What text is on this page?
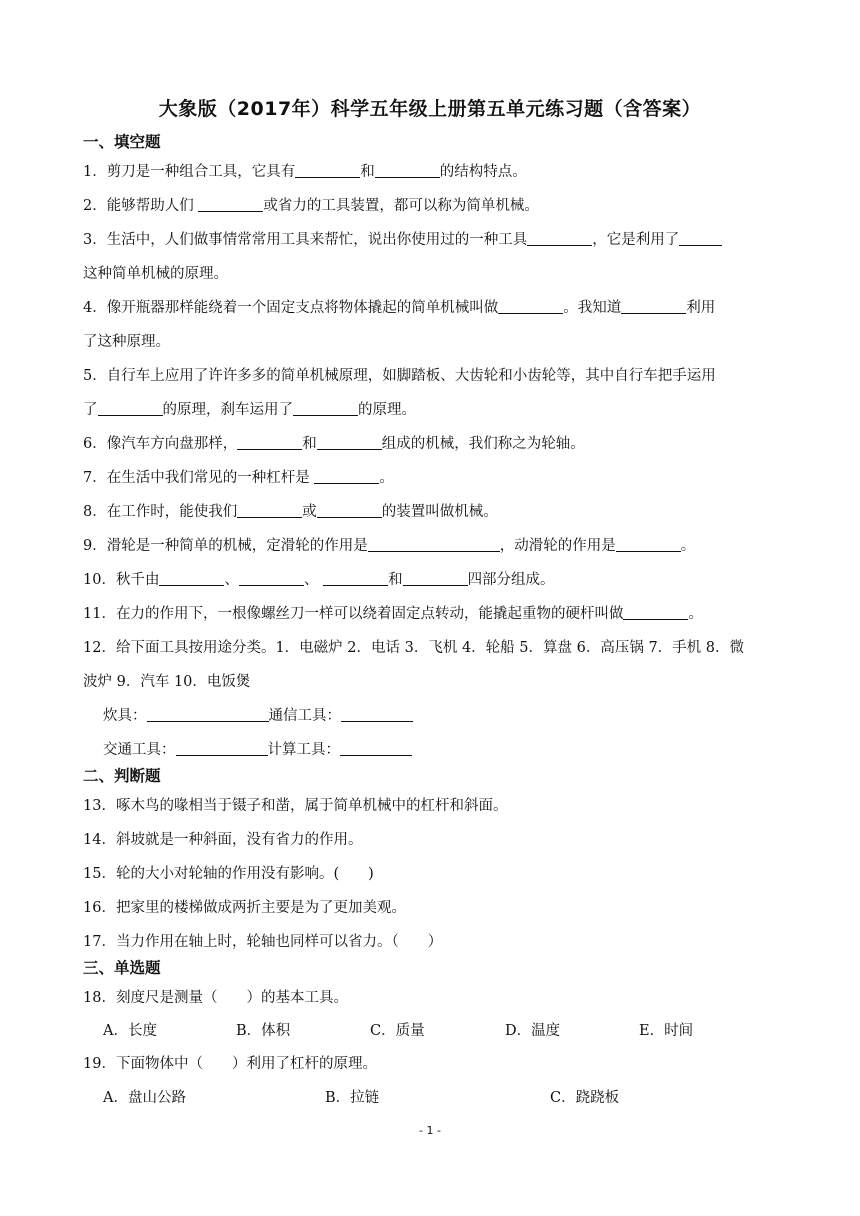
大象版（2017年）科学五年级上册第五单元练习题（含答案）
一、填空题
1．剪刀是一种组合工具，它具有	和	的结构特点。
2．能够帮助人们	或省力的工具装置，都可以称为简单机械。
3．生活中，人们做事情常常用工具来帮忙，说出你使用过的一种工具	，它是利用了
这种简单机械的原理。
4．像开瓶器那样能绕着一个固定支点将物体撬起的简单机械叫做	。我知道	利用
了这种原理。
5．自行车上应用了许许多多的简单机械原理，如脚踏板、大齿轮和小齿轮等，其中自行车把手运用
了	的原理，刹车运用了	的原理。
6．像汽车方向盘那样，	和	组成的机械，我们称之为轮轴。
7．在生活中我们常见的一种杠杆是	。
8．在工作时，能使我们	或	的装置叫做机械。
9．滑轮是一种简单的机械，定滑轮的作用是	，动滑轮的作用是	。
10．秋千由	、	、	和	四部分组成。
11．在力的作用下，一根像螺丝刀一样可以绕着固定点转动，能撬起重物的硬杆叫做	。
12．给下面工具按用途分类。1．电磁炉 2．电话 3．飞机 4．轮船 5．算盘 6．高压锅 7．手机 8．微
波炉 9．汽车 10．电饭煲
炊具：	通信工具：
交通工具：	计算工具：
二、判断题
13．啄木鸟的喙相当于镊子和凿，属于简单机械中的杠杆和斜面。
14．斜坡就是一种斜面，没有省力的作用。
15．轮的大小对轮轴的作用没有影响。(　　)
16．把家里的楼梯做成两折主要是为了更加美观。
17．当力作用在轴上时，轮轴也同样可以省力。（　　）
三、单选题
18．刻度尺是测量（　　）的基本工具。
A．长度	B．体积	C．质量	D．温度	E．时间
19．下面物体中（　　）利用了杠杆的原理。
A．盘山公路	B．拉链	C．跷跷板
- 1 -
